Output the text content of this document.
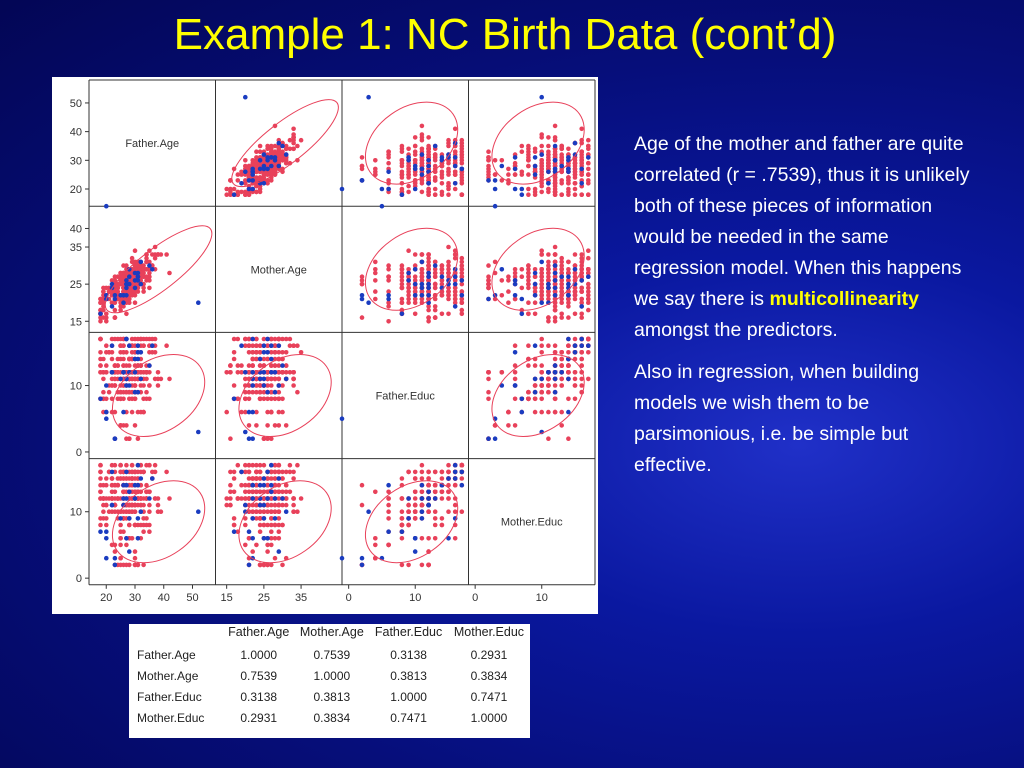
Example 1: NC Birth Data (cont’d)
20
30
40
50
15
25
35
40
0
10
0
10
20 30 40 50 15 25 35	0	10	0	10
Father.Age
Mother.Age
Father.Educ
Mother.Educ

Age of the mother and father are quite correlated (r = .7539), thus it is unlikely both of these pieces of information would be needed in the same regression model. When this happens we say there is multicollinearity amongst the predictors.

Also in regression, when building models we wish them to be parsimonious, i.e. be simple but effective.

	Father.Age	Mother.Age	Father.Educ	Mother.Educ
Father.Age	1.0000	0.7539	0.3138	0.2931
Mother.Age	0.7539	1.0000	0.3813	0.3834
Father.Educ	0.3138	0.3813	1.0000	0.7471
Mother.Educ	0.2931	0.3834	0.7471	1.0000
